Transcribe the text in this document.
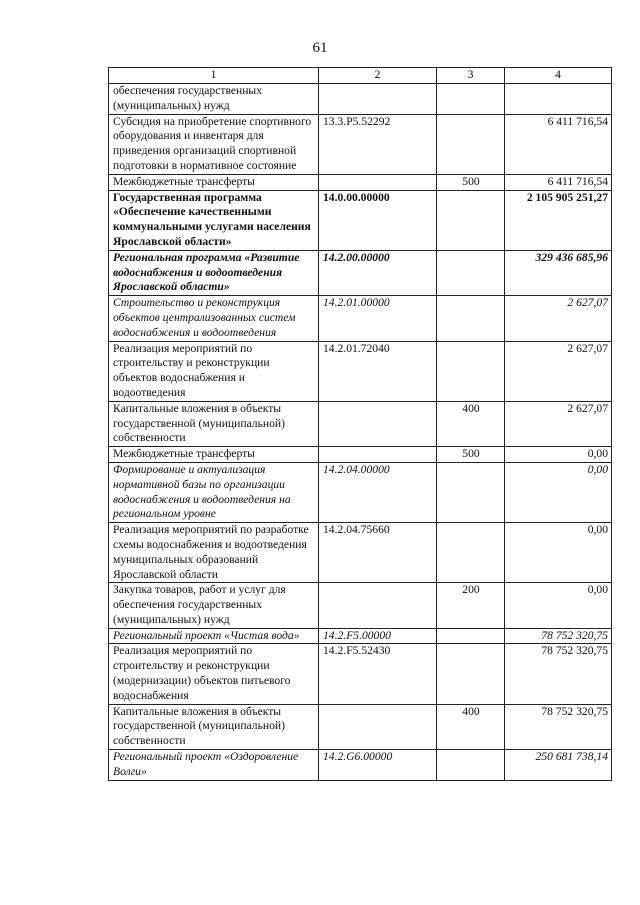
61
1	2	3	4
обеспечения государственных (муниципальных) нужд			
Субсидия на приобретение спортивного оборудования и инвентаря для приведения организаций спортивной подготовки в нормативное состояние	13.3.P5.52292		6 411 716,54
Межбюджетные трансферты		500	6 411 716,54
Государственная программа «Обеспечение качественными коммунальными услугами населения Ярославской области»	14.0.00.00000		2 105 905 251,27
Региональная программа «Развитие водоснабжения и водоотведения Ярославской области»	14.2.00.00000		329 436 685,96
Строительство и реконструкция объектов централизованных систем водоснабжения и водоотведения	14.2.01.00000		2 627,07
Реализация мероприятий по строительству и реконструкции объектов водоснабжения и водоотведения	14.2.01.72040		2 627,07
Капитальные вложения в объекты государственной (муниципальной) собственности		400	2 627,07
Межбюджетные трансферты		500	0,00
Формирование и актуализация нормативной базы по организации водоснабжения и водоотведения на региональном уровне	14.2.04.00000		0,00
Реализация мероприятий по разработке схемы водоснабжения и водоотведения муниципальных образований Ярославской области	14.2.04.75660		0,00
Закупка товаров, работ и услуг для обеспечения государственных (муниципальных) нужд		200	0,00
Региональный проект «Чистая вода»	14.2.F5.00000		78 752 320,75
Реализация мероприятий по строительству и реконструкции (модернизации) объектов питьевого водоснабжения	14.2.F5.52430		78 752 320,75
Капитальные вложения в объекты государственной (муниципальной) собственности		400	78 752 320,75
Региональный проект «Оздоровление Волги»	14.2.G6.00000		250 681 738,14
